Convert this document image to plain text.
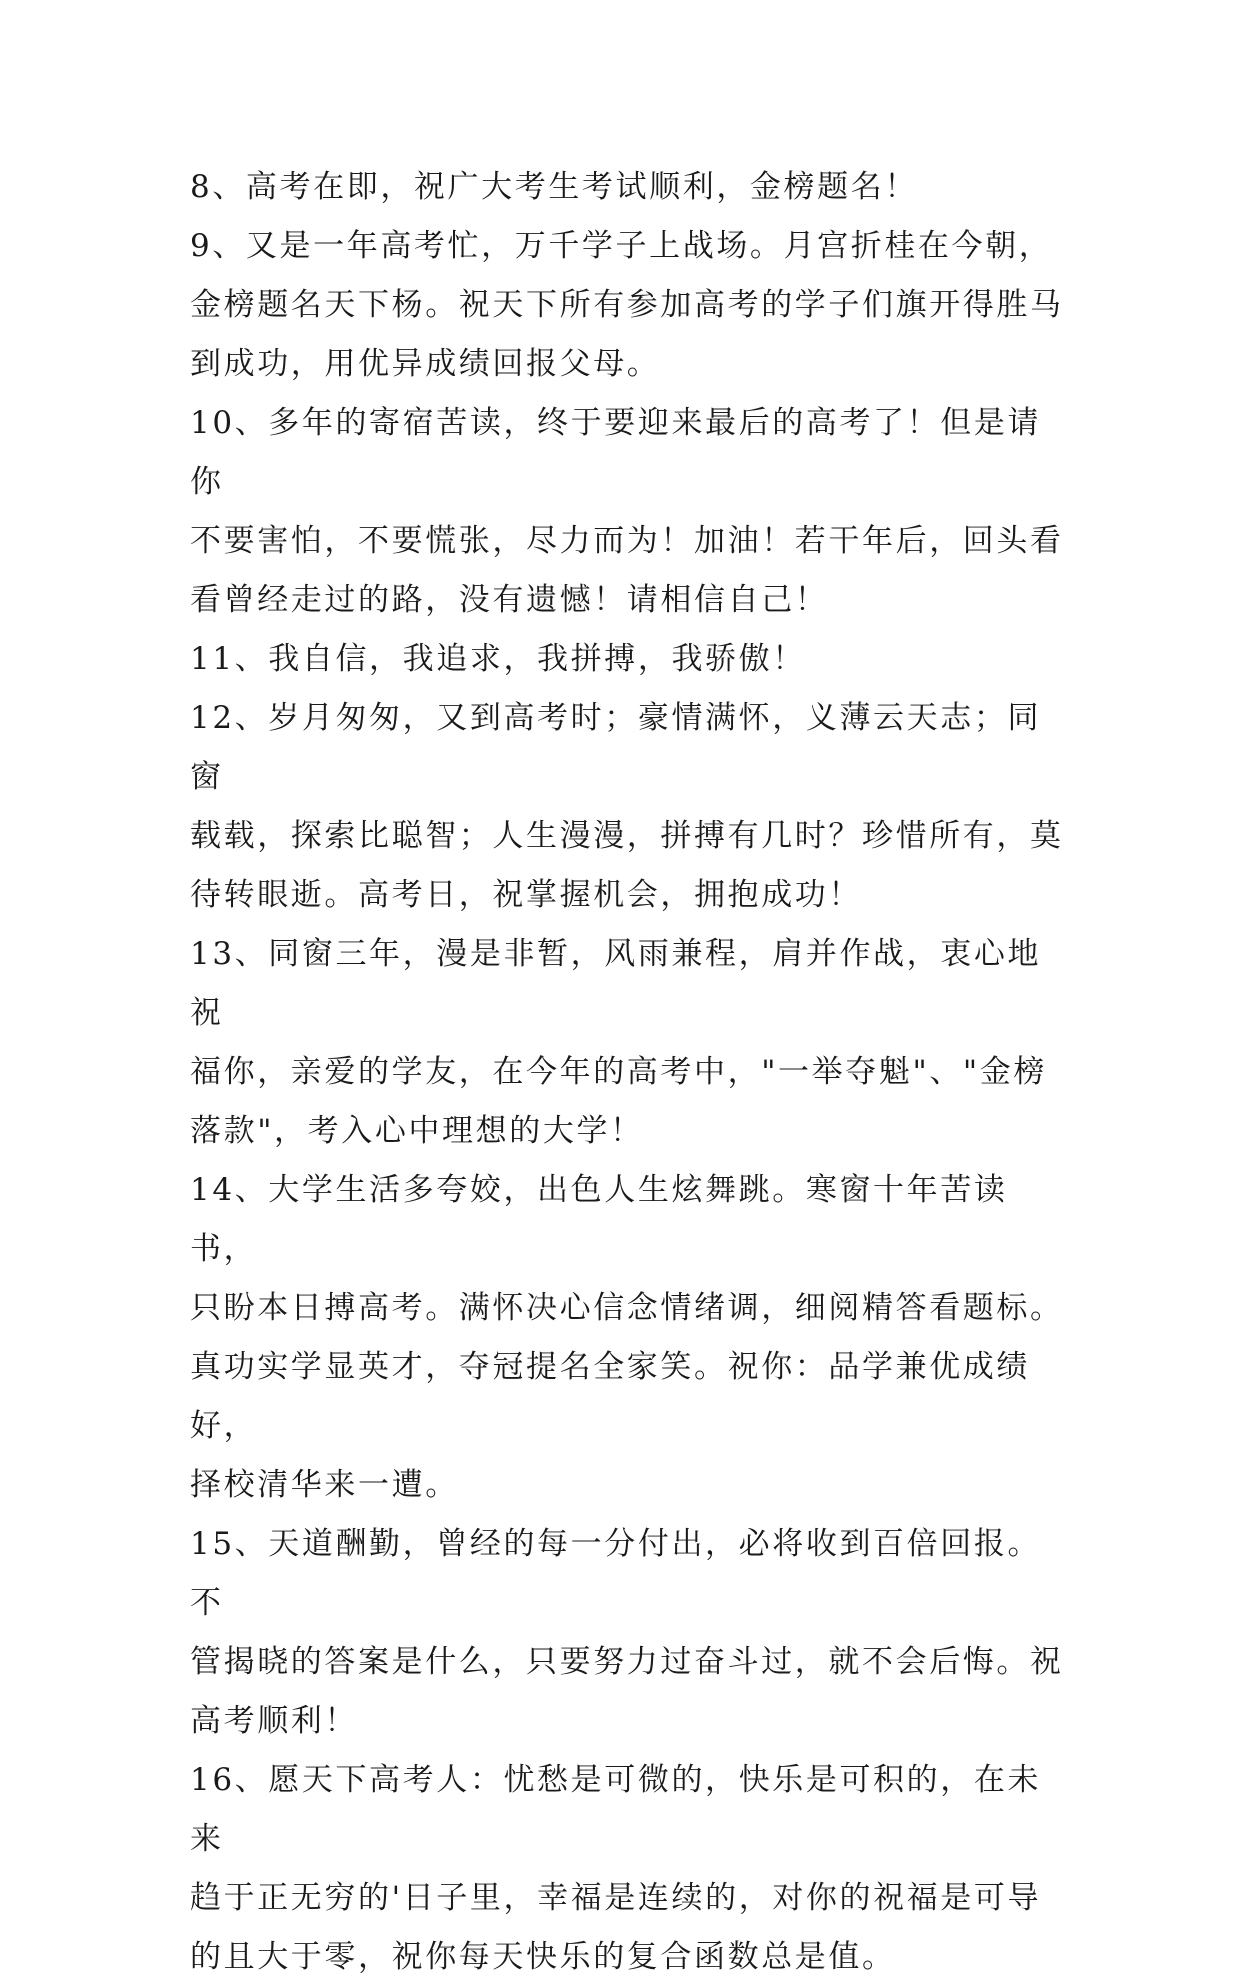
8、高考在即，祝广大考生考试顺利，金榜题名！

9、又是一年高考忙，万千学子上战场。月宫折桂在今朝，
金榜题名天下杨。祝天下所有参加高考的学子们旗开得胜马
到成功，用优异成绩回报父母。

10、多年的寄宿苦读，终于要迎来最后的高考了！但是请你
不要害怕，不要慌张，尽力而为！加油！若干年后，回头看
看曾经走过的路，没有遗憾！请相信自己！

11、我自信，我追求，我拼搏，我骄傲！

12、岁月匆匆，又到高考时；豪情满怀，义薄云天志；同窗
载载，探索比聪智；人生漫漫，拼搏有几时？珍惜所有，莫
待转眼逝。高考日，祝掌握机会，拥抱成功！

13、同窗三年，漫是非暂，风雨兼程，肩并作战，衷心地祝
福你，亲爱的学友，在今年的高考中，"一举夺魁"、"金榜
落款"，考入心中理想的大学！

14、大学生活多夸姣，出色人生炫舞跳。寒窗十年苦读书，
只盼本日搏高考。满怀决心信念情绪调，细阅精答看题标。
真功实学显英才，夺冠提名全家笑。祝你：品学兼优成绩好，
择校清华来一遭。

15、天道酬勤，曾经的每一分付出，必将收到百倍回报。不
管揭晓的答案是什么，只要努力过奋斗过，就不会后悔。祝
高考顺利！

16、愿天下高考人：忧愁是可微的，快乐是可积的，在未来
趋于正无穷的'日子里，幸福是连续的，对你的祝福是可导
的且大于零，祝你每天快乐的复合函数总是值。
